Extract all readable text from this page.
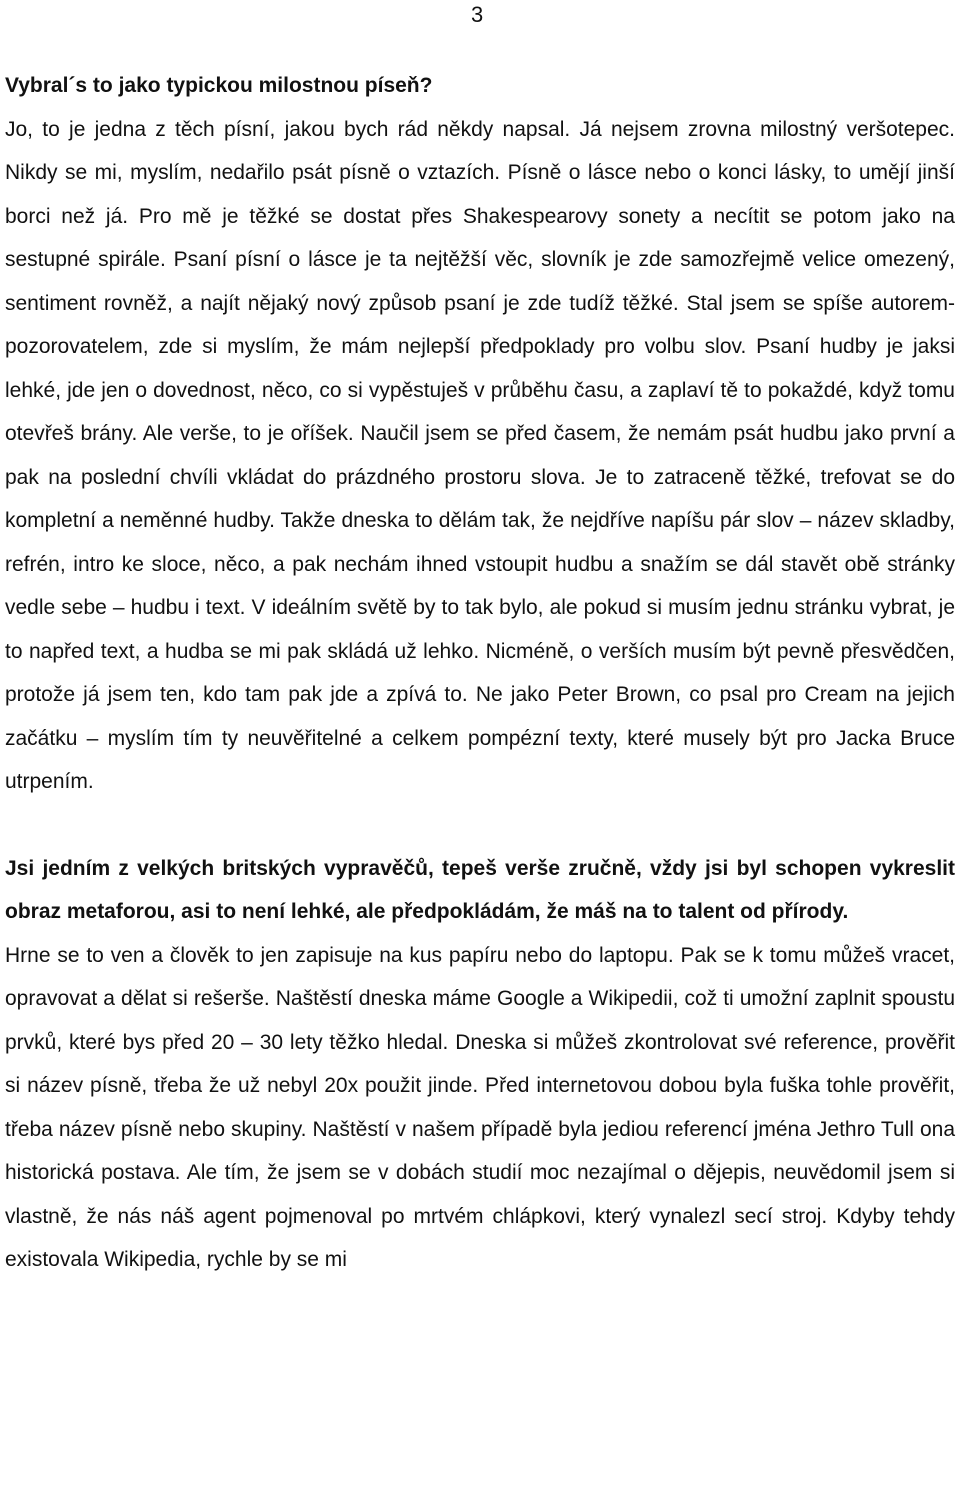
3

Vybral´s to jako typickou milostnou píseň?

Jo, to je jedna z těch písní, jakou bych rád někdy napsal. Já nejsem zrovna milostný veršotepec. Nikdy se mi, myslím, nedařilo psát písně o vztazích. Písně o lásce nebo o konci lásky, to umějí jinší borci než já. Pro mě je těžké se dostat přes Shakespearovy sonety a necítit se potom jako na sestupné spirále. Psaní písní o lásce je ta nejtěžší věc, slovník je zde samozřejmě velice omezený, sentiment rovněž, a najít nějaký nový způsob psaní je zde tudíž těžké. Stal jsem se spíše autorem-pozorovatelem, zde si myslím, že mám nejlepší předpoklady pro volbu slov. Psaní hudby je jaksi lehké, jde jen o dovednost, něco, co si vypěstuješ v průběhu času, a zaplaví tě to pokaždé, když tomu otevřeš brány. Ale verše, to je oříšek. Naučil jsem se před časem, že nemám psát hudbu jako první a pak na poslední chvíli vkládat do prázdného prostoru slova. Je to zatraceně těžké, trefovat se do kompletní a neměnné hudby. Takže dneska to dělám tak, že nejdříve napíšu pár slov – název skladby, refrén, intro ke sloce, něco, a pak nechám ihned vstoupit hudbu a snažím se dál stavět obě stránky vedle sebe – hudbu i text. V ideálním světě by to tak bylo, ale pokud si musím jednu stránku vybrat, je to napřed text, a hudba se mi pak skládá už lehko. Nicméně, o verších musím být pevně přesvědčen, protože já jsem ten, kdo tam pak jde a zpívá to. Ne jako Peter Brown, co psal pro Cream na jejich začátku – myslím tím ty neuvěřitelné a celkem pompézní texty, které musely být pro Jacka Bruce utrpením.

Jsi jedním z velkých britských vypravěčů, tepeš verše zručně, vždy jsi byl schopen vykreslit obraz metaforou, asi to není lehké, ale předpokládám, že máš na to talent od přírody.

Hrne se to ven a člověk to jen zapisuje na kus papíru nebo do laptopu. Pak se k tomu můžeš vracet, opravovat a dělat si rešerše. Naštěstí dneska máme Google a Wikipedii, což ti umožní zaplnit spoustu prvků, které bys před 20 – 30 lety těžko hledal. Dneska si můžeš zkontrolovat své reference, prověřit si název písně, třeba že už nebyl 20x použit jinde. Před internetovou dobou byla fuška tohle prověřit, třeba název písně nebo skupiny. Naštěstí v našem případě byla jediou referencí jména Jethro Tull ona historická postava. Ale tím, že jsem se v dobách studií moc nezajímal o dějepis, neuvědomil jsem si vlastně, že nás náš agent pojmenoval po mrtvém chlápkovi, který vynalezl secí stroj. Kdyby tehdy existovala Wikipedia, rychle by se mi
